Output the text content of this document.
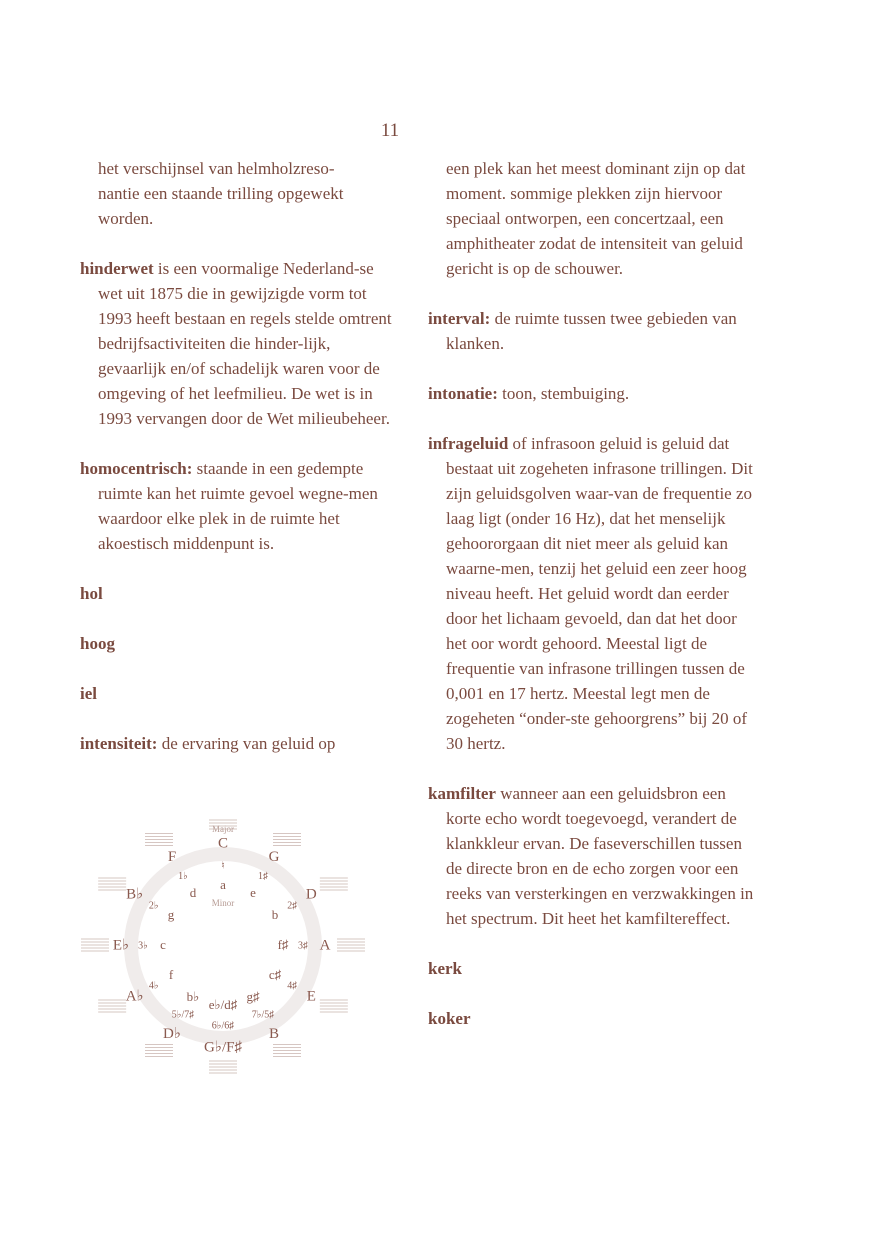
11

het verschijnsel van helmholzreso-
nantie een staande trilling opgewekt
worden.

hinderwet is een voormalige Nederland-se wet uit 1875 die in gewijzigde vorm tot 1993 heeft bestaan en regels stelde omtrent bedrijfsactiviteiten die hinder-lijk, gevaarlijk en/of schadelijk waren voor de omgeving of het leefmilieu. De wet is in 1993 vervangen door de Wet milieubeheer.

homocentrisch: staande in een gedempte ruimte kan het ruimte gevoel wegne-men waardoor elke plek in de ruimte het akoestisch middenpunt is.

hol

hoog

iel

intensiteit: de ervaring van geluid op

een plek kan het meest dominant zijn op dat moment. sommige plekken zijn hiervoor speciaal ontworpen, een concertzaal, een amphitheater zodat de intensiteit van geluid gericht is op de schouwer.

interval: de ruimte tussen twee gebieden van klanken.

intonatie: toon, stembuiging.

infrageluid of infrasoon geluid is geluid dat bestaat uit zogeheten infrasone trillingen. Dit zijn geluidsgolven waar-van de frequentie zo laag ligt (onder 16 Hz), dat het menselijk gehoororgaan dit niet meer als geluid kan waarne-men, tenzij het geluid een zeer hoog niveau heeft. Het geluid wordt dan eerder door het lichaam gevoeld, dan dat het door het oor wordt gehoord. Meestal ligt de frequentie van infrasone trillingen tussen de 0,001 en 17 hertz. Meestal legt men de zogeheten “onder-ste gehoorgrens” bij 20 of 30 hertz.

kamfilter wanneer aan een geluidsbron een korte echo wordt toegevoegd, verandert de klankkleur ervan. De faseverschillen tussen de directe bron en de echo zorgen voor een reeks van versterkingen en verzwakkingen in het spectrum. Dit heet het kamfiltereffect.

kerk

koker

Major
Minor
C
♮
a
G
1♯
e	D
2♯
b
A
3♯
f♯
E
4♯
c♯
B
7♭/5♯
g♯
G♭/F♯
6♭/6♯
e♭/d♯
D♭
5♭/7♯
b♭
A♭
4♭
f
E♭ 3♭ c
B♭
2♭
g
F
1♭
d
